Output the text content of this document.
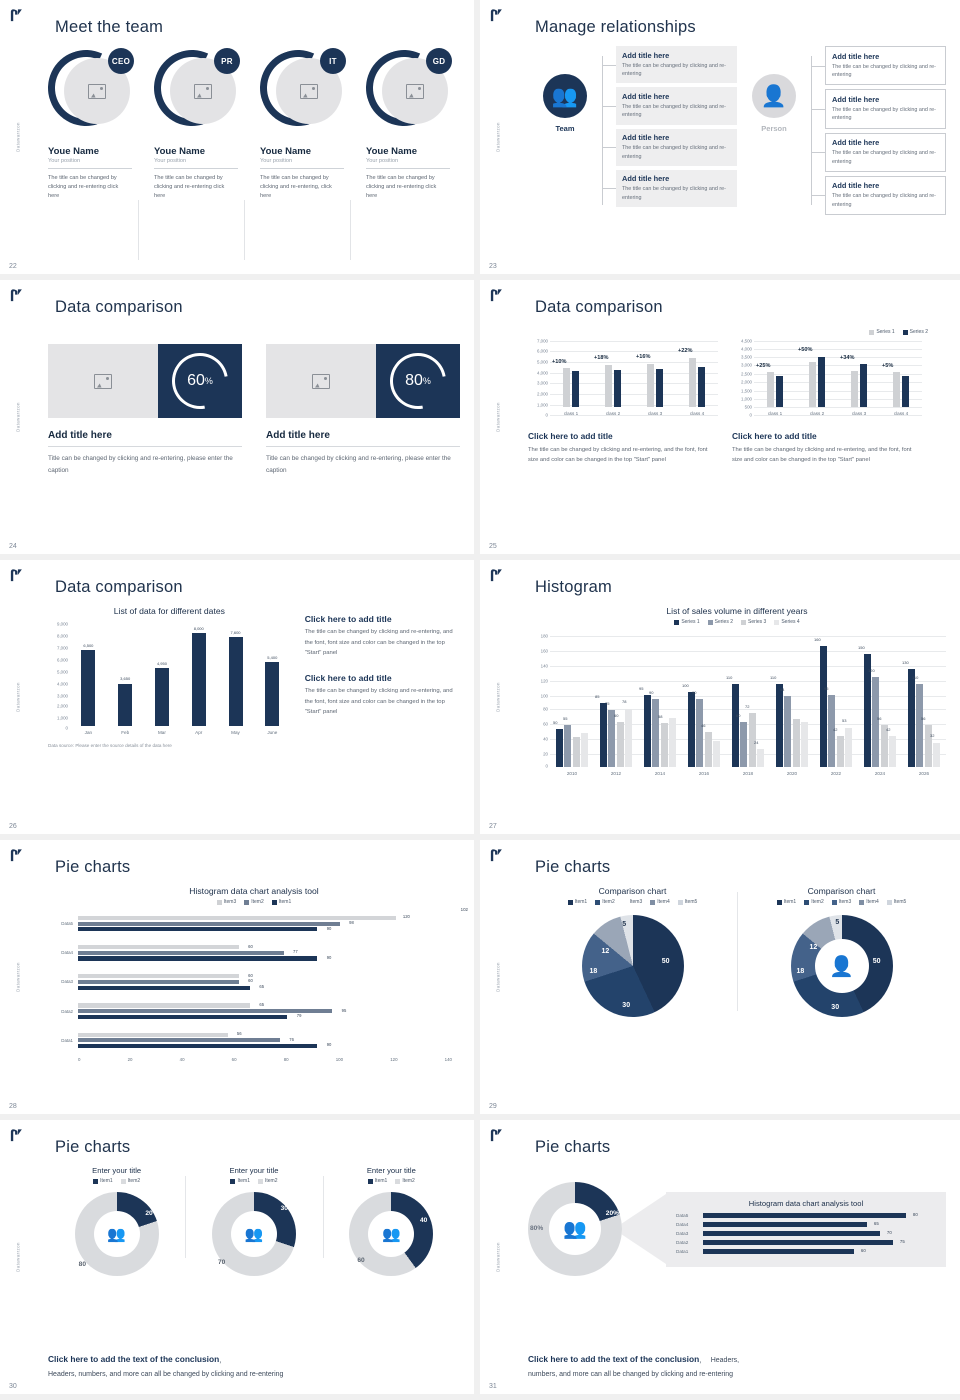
Datawarrzon
22
Meet the team
CEO
Youe Name
Your position
The title can be changed by clicking and re-entering click here
PR
Youe Name
Your position
The title can be changed by clicking and re-entering click here
IT
Youe Name
Your position
The title can be changed by clicking and re-entering, click here
GD
Youe Name
Your position
The title can be changed by clicking and re-entering click here
Datawarrzon
23
Manage relationships
👥
Team
Add title here

The title can be changed by clicking and re-entering

Add title here

The title can be changed by clicking and re-entering

Add title here

The title can be changed by clicking and re-entering

Add title here

The title can be changed by clicking and re-entering

👤
Person
Add title here

The title can be changed by clicking and re-entering

Add title here

The title can be changed by clicking and re-entering

Add title here

The title can be changed by clicking and re-entering

Add title here

The title can be changed by clicking and re-entering

Datawarrzon
24
Data comparison
60 %
Add title here
Title can be changed by clicking and re-entering, please enter the caption
80 %
Add title here
Title can be changed by clicking and re-entering, please enter the caption
Datawarrzon
25
Data comparison
Series 1	Series 2
7,000
6,000
5,000
4,000
3,000
2,000
1,000
0
+10%
+18%	+16%
+22%
class 1	class 2	class 3	class 4
Click here to add title
The title can be changed by clicking and re-entering, and the font, font size and color can be changed in the top "Start" panel
4,500
4,000
3,500
3,000
2,500
2,000
1,500
1,000
500
0
+25%
+50%
+34%
+5%
class 1	class 2	class 3	class 4
Click here to add title
The title can be changed by clicking and re-entering, and the font, font size and color can be changed in the top "Start" panel
Datawarrzon
26
Data comparison
List of data for different dates
9,000
8,000
7,000
6,000
5,000
4,000
3,000
2,000
1,000
0
6,500
3,650
4,950
8,000
7,600
5,400
Jan	Feb	Mar	Apr	May	June
Data source: Please enter the source details of the data here
Click here to add title
The title can be changed by clicking and re-entering, and the font, font size and color can be changed in the top "Start" panel
Click here to add title
The title can be changed by clicking and re-entering, and the font, font size and color can be changed in the top "Start" panel
Datawarrzon
27
Histogram
List of sales volume in different years
Series 1	Series 2	Series 3	Series 4
180
160
140
120
100
80
60
40
20
0
50
55
85
75
60
78
95
90
58
100
90
46
110
60
72
24
110
94
160
95
42
53
150
120
56
42
130
110
56
32
2010	2012	2014	2016	2018	2020	2022	2024	2026
Datawarrzon
28
Pie charts
Histogram data chart analysis tool
Item3	Item2	Item1
Data5
Data4
Data3
Data2
Data1
120
98
90
60
77
90
60
60
65
65
95
79
56
76
90
102
0	20	40	60	80	100	120	140
Datawarrzon
29
Pie charts
Comparison chart
Item1	Item2	Item3	Item4	Item5
50
30
18
12
5
Comparison chart
Item1	Item2	Item3	Item4	Item5
50
30
18
12
5
👤
Datawarrzon
30
Pie charts
Enter your title
Item1	Item2
👥
20
80
Enter your title
Item1	Item2
👥
30
70
Enter your title
Item1	Item2
👥
40
60
Click here to add the text of the conclusion，

Headers, numbers, and more can all be changed by clicking and re-entering

Datawarrzon
31
Pie charts
👥
80%
20%
Histogram data chart analysis tool
Data5	80
Data4	65
Data3	70
Data2	75
Data1	60
Click here to add the text of the conclusion， Headers,

numbers, and more can all be changed by clicking and re-entering
